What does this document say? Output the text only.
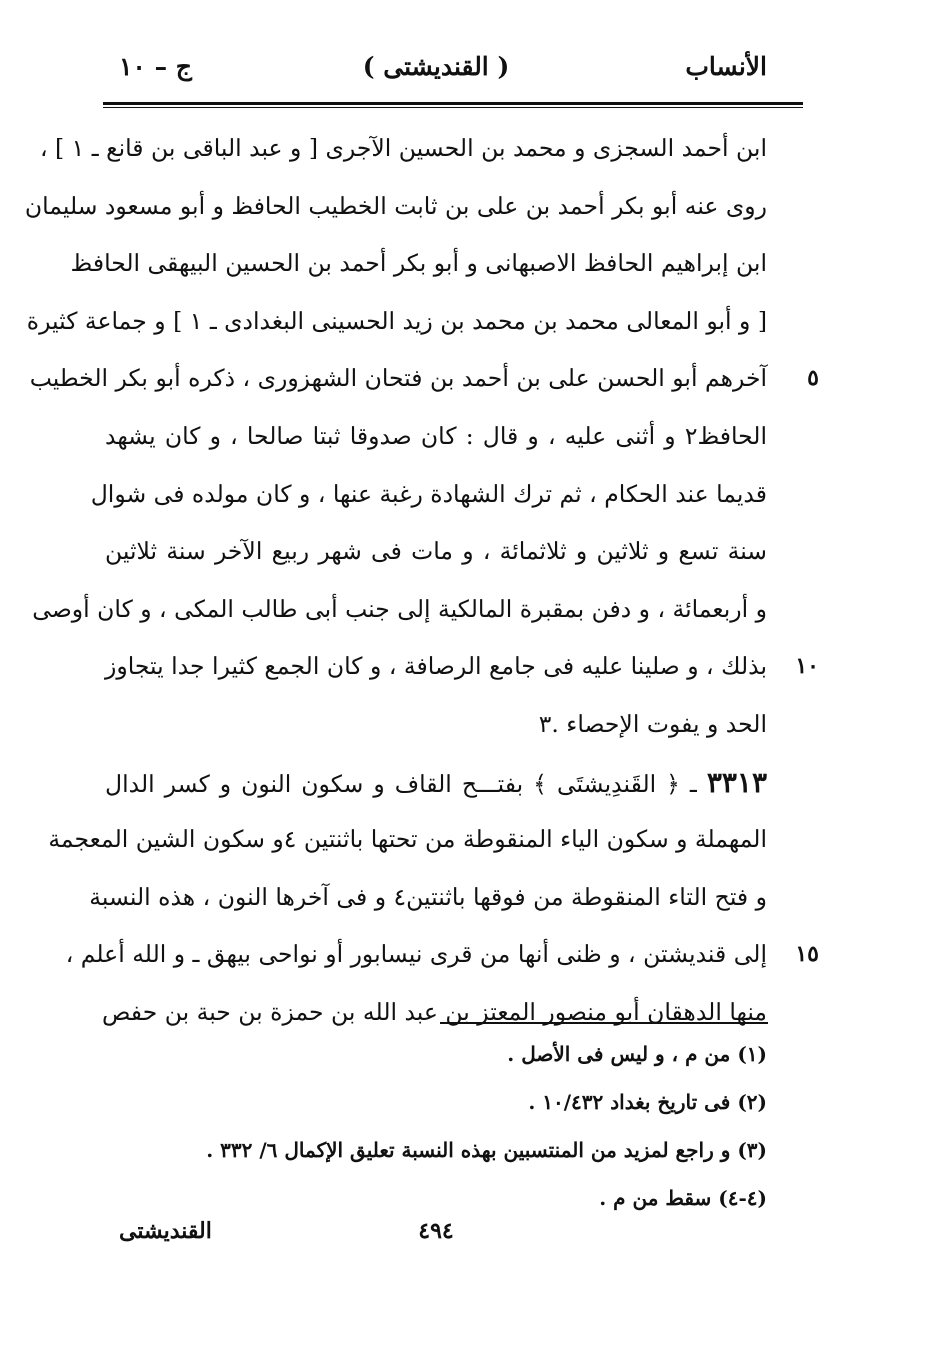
الأنساب
( القنديشتى )
ج – ١٠
ابن أحمد السجزى و محمد بن الحسين الآجرى [ و عبد الباقى بن قانع ـ ١ ] ،
روى عنه أبو بكر أحمد بن على بن ثابت الخطيب الحافظ و أبو مسعود سليمان
ابن إبراهيم الحافظ الاصبهانى و أبو بكر أحمد بن الحسين البيهقى الحافظ
[ و أبو المعالى محمد بن محمد بن زيد الحسينى البغدادى ـ ١ ] و جماعة كثيرة
آخرهم أبو الحسن على بن أحمد بن فتحان الشهزورى ، ذكره أبو بكر الخطيب ٥
الحافظ٢ و أثنى عليه ، و قال : كان صدوقا ثبتا صالحا ، و كان يشهد
قديما عند الحكام ، ثم ترك الشهادة رغبة عنها ، و كان مولده فى شوال
سنة تسع و ثلاثين و ثلاثمائة ، و مات فى شهر ربيع الآخر سنة ثلاثين
و أربعمائة ، و دفن بمقبرة المالكية إلى جنب أبى طالب المكى ، و كان أوصى
بذلك ، و صلينا عليه فى جامع الرصافة ، و كان الجمع كثيرا جدا يتجاوز ١٠
الحد و يفوت الإحصاء .٣
٣٣١٣ ـ ﴿ القَندِيشتَى ﴾ بفتـــح القاف و سكون النون و كسر الدال
المهملة و سكون الياء المنقوطة من تحتها باثنتين ٤و سكون الشين المعجمة
و فتح التاء المنقوطة من فوقها باثنتين٤ و فى آخرها النون ، هذه النسبة
إلى قنديشتن ، و ظنى أنها من قرى نيسابور أو نواحى بيهق ـ و الله أعلم ، ١٥
منها الدهقان أبو منصور المعتز بن عبد الله بن حمزة بن حبة بن حفص
(١) من م ، و ليس فى الأصل .
(٢) فى تاريخ بغداد ١٠/٤٣٢ .
(٣) و راجع لمزيد من المنتسبين بهذه النسبة تعليق الإكمال ٦/ ٣٣٢ .
(٤-٤) سقط من م .
٤٩٤
القنديشتى
